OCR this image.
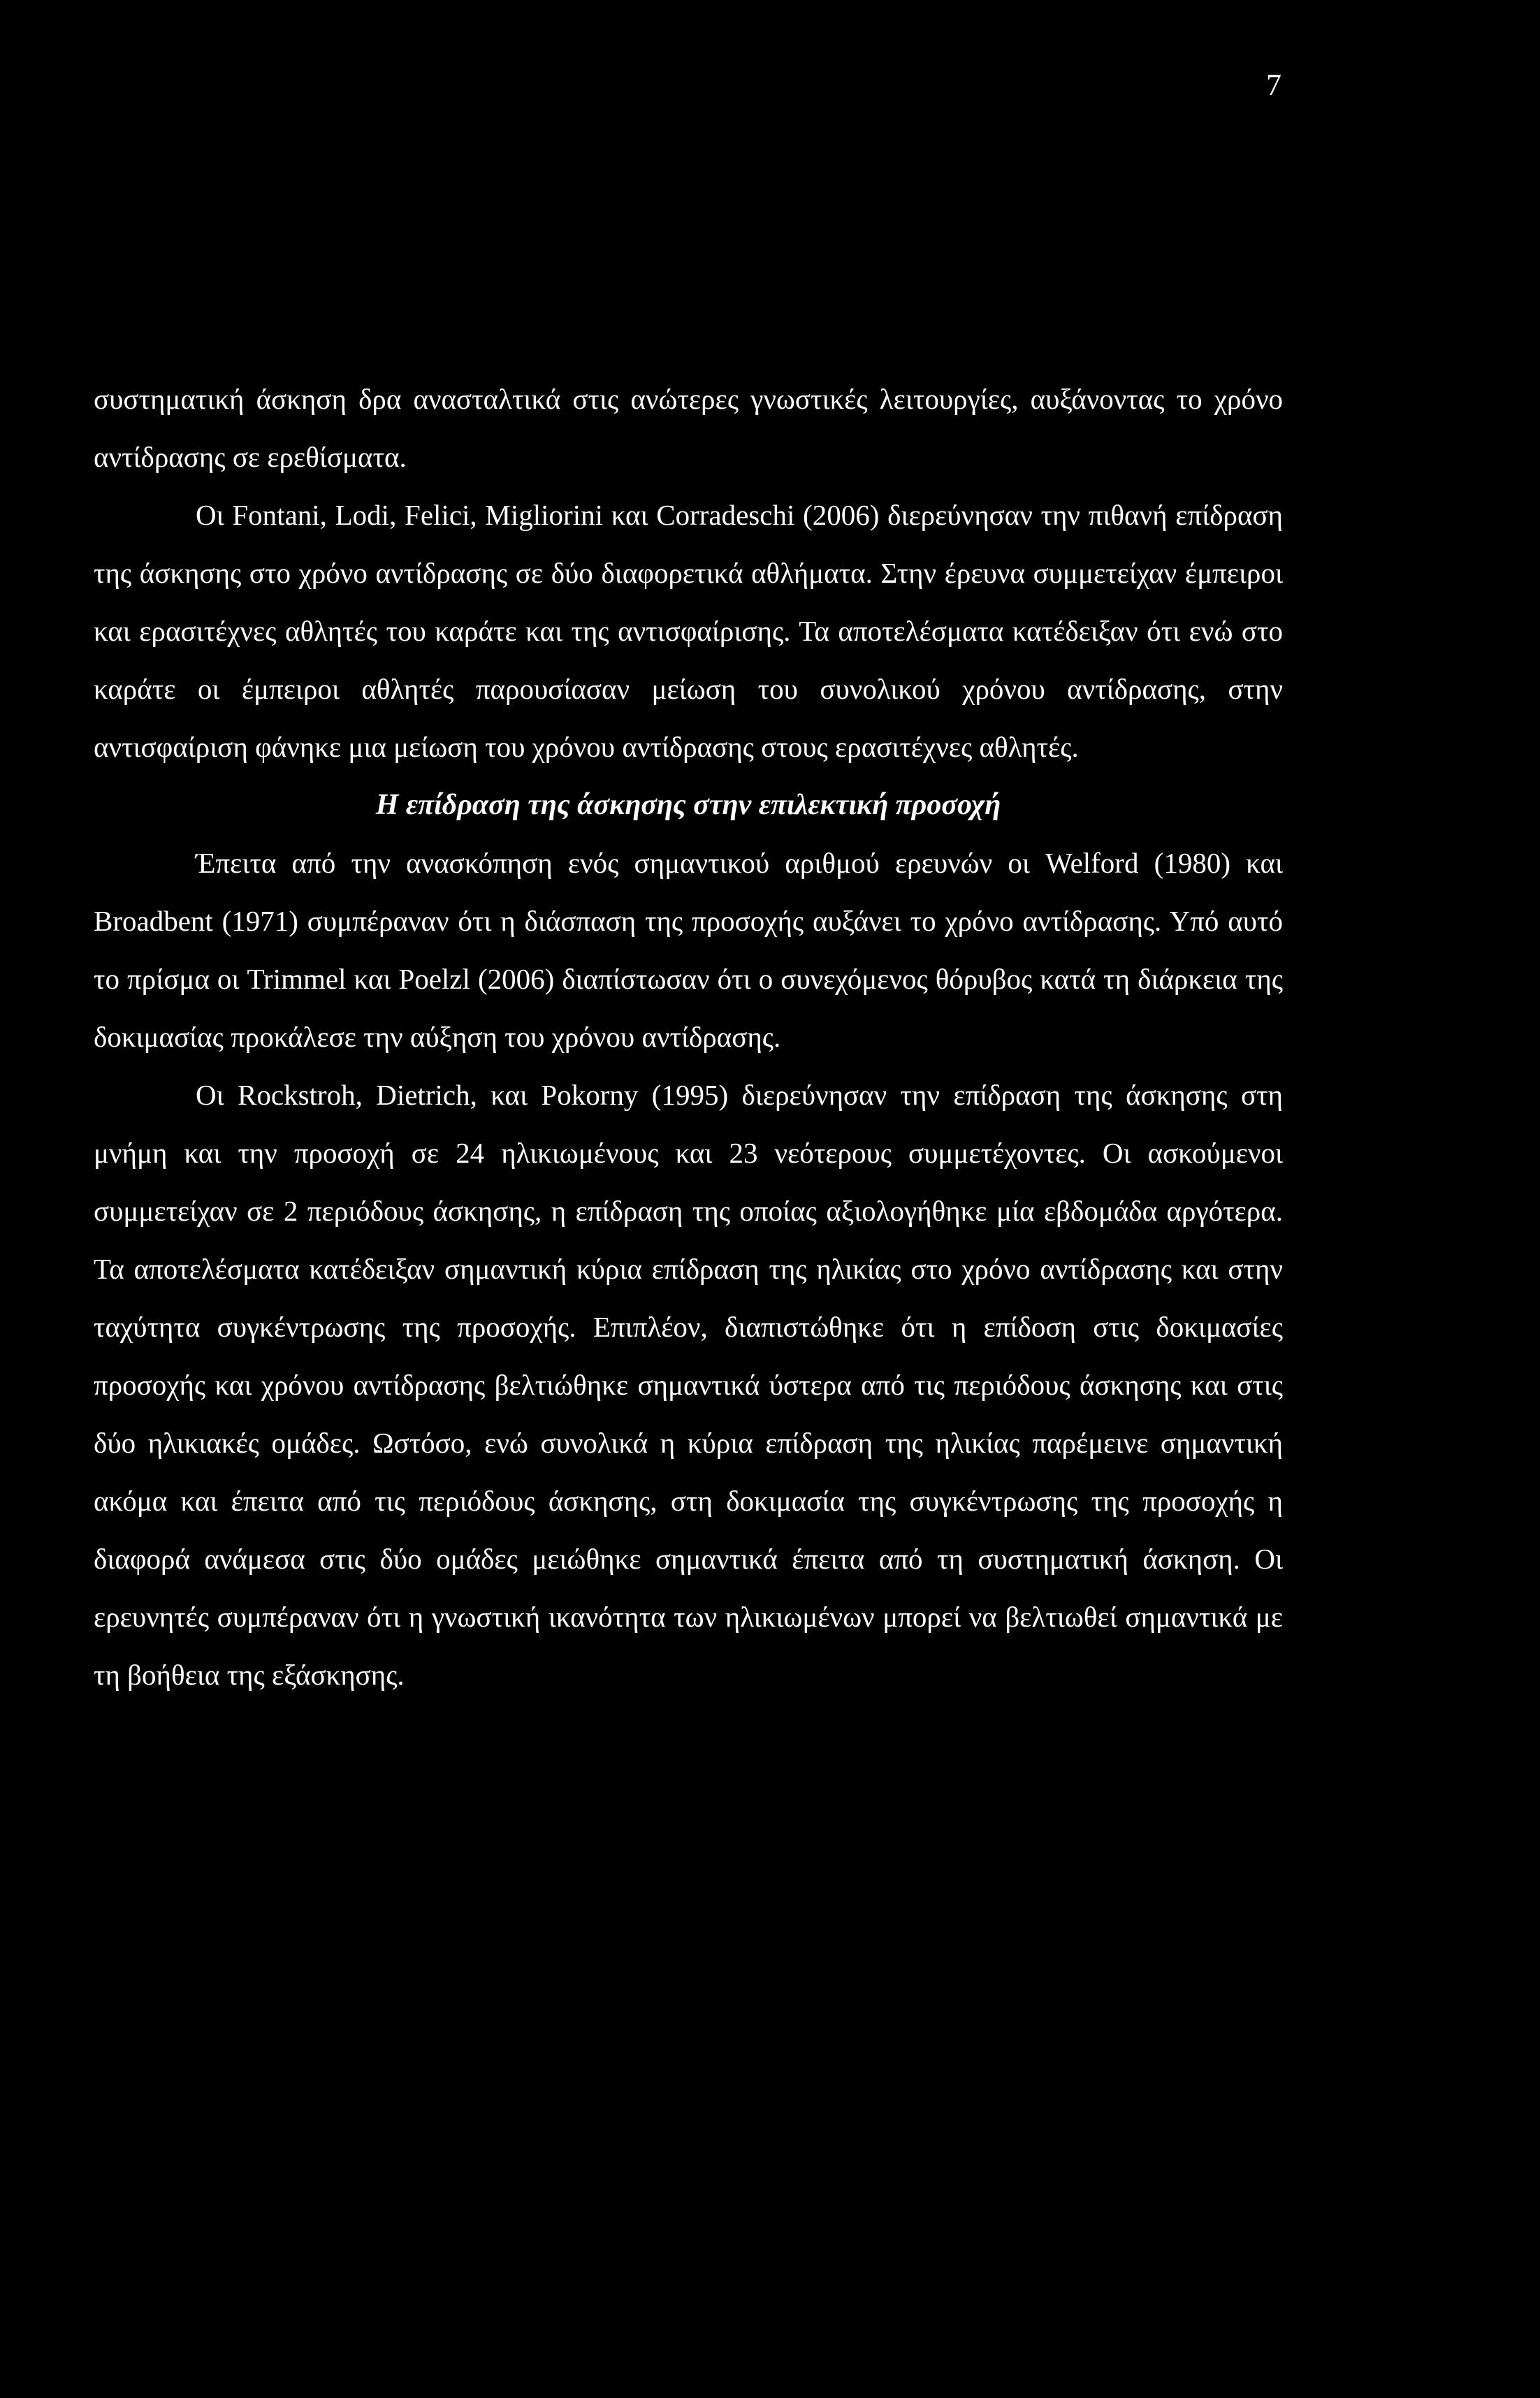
7

συστηματική άσκηση δρα ανασταλτικά στις ανώτερες γνωστικές λειτουργίες, αυξάνοντας το χρόνο αντίδρασης σε ερεθίσματα.

Οι Fontani, Lodi, Felici, Migliorini και Corradeschi (2006) διερεύνησαν την πιθανή επίδραση της άσκησης στο χρόνο αντίδρασης σε δύο διαφορετικά αθλήματα. Στην έρευνα συμμετείχαν έμπειροι και ερασιτέχνες αθλητές του καράτε και της αντισφαίρισης. Τα αποτελέσματα κατέδειξαν ότι ενώ στο καράτε οι έμπειροι αθλητές παρουσίασαν μείωση του συνολικού χρόνου αντίδρασης, στην αντισφαίριση φάνηκε μια μείωση του χρόνου αντίδρασης στους ερασιτέχνες αθλητές.

Η επίδραση της άσκησης στην επιλεκτική προσοχή

Έπειτα από την ανασκόπηση ενός σημαντικού αριθμού ερευνών οι Welford (1980) και Broadbent (1971) συμπέραναν ότι η διάσπαση της προσοχής αυξάνει το χρόνο αντίδρασης. Υπό αυτό το πρίσμα οι Trimmel και Poelzl (2006) διαπίστωσαν ότι ο συνεχόμενος θόρυβος κατά τη διάρκεια της δοκιμασίας προκάλεσε την αύξηση του χρόνου αντίδρασης.

Οι Rockstroh, Dietrich, και Pokorny (1995) διερεύνησαν την επίδραση της άσκησης στη μνήμη και την προσοχή σε 24 ηλικιωμένους και 23 νεότερους συμμετέχοντες. Οι ασκούμενοι συμμετείχαν σε 2 περιόδους άσκησης, η επίδραση της οποίας αξιολογήθηκε μία εβδομάδα αργότερα. Τα αποτελέσματα κατέδειξαν σημαντική κύρια επίδραση της ηλικίας στο χρόνο αντίδρασης και στην ταχύτητα συγκέντρωσης της προσοχής. Επιπλέον, διαπιστώθηκε ότι η επίδοση στις δοκιμασίες προσοχής και χρόνου αντίδρασης βελτιώθηκε σημαντικά ύστερα από τις περιόδους άσκησης και στις δύο ηλικιακές ομάδες. Ωστόσο, ενώ συνολικά η κύρια επίδραση της ηλικίας παρέμεινε σημαντική ακόμα και έπειτα από τις περιόδους άσκησης, στη δοκιμασία της συγκέντρωσης της προσοχής η διαφορά ανάμεσα στις δύο ομάδες μειώθηκε σημαντικά έπειτα από τη συστηματική άσκηση. Οι ερευνητές συμπέραναν ότι η γνωστική ικανότητα των ηλικιωμένων μπορεί να βελτιωθεί σημαντικά με τη βοήθεια της εξάσκησης.
